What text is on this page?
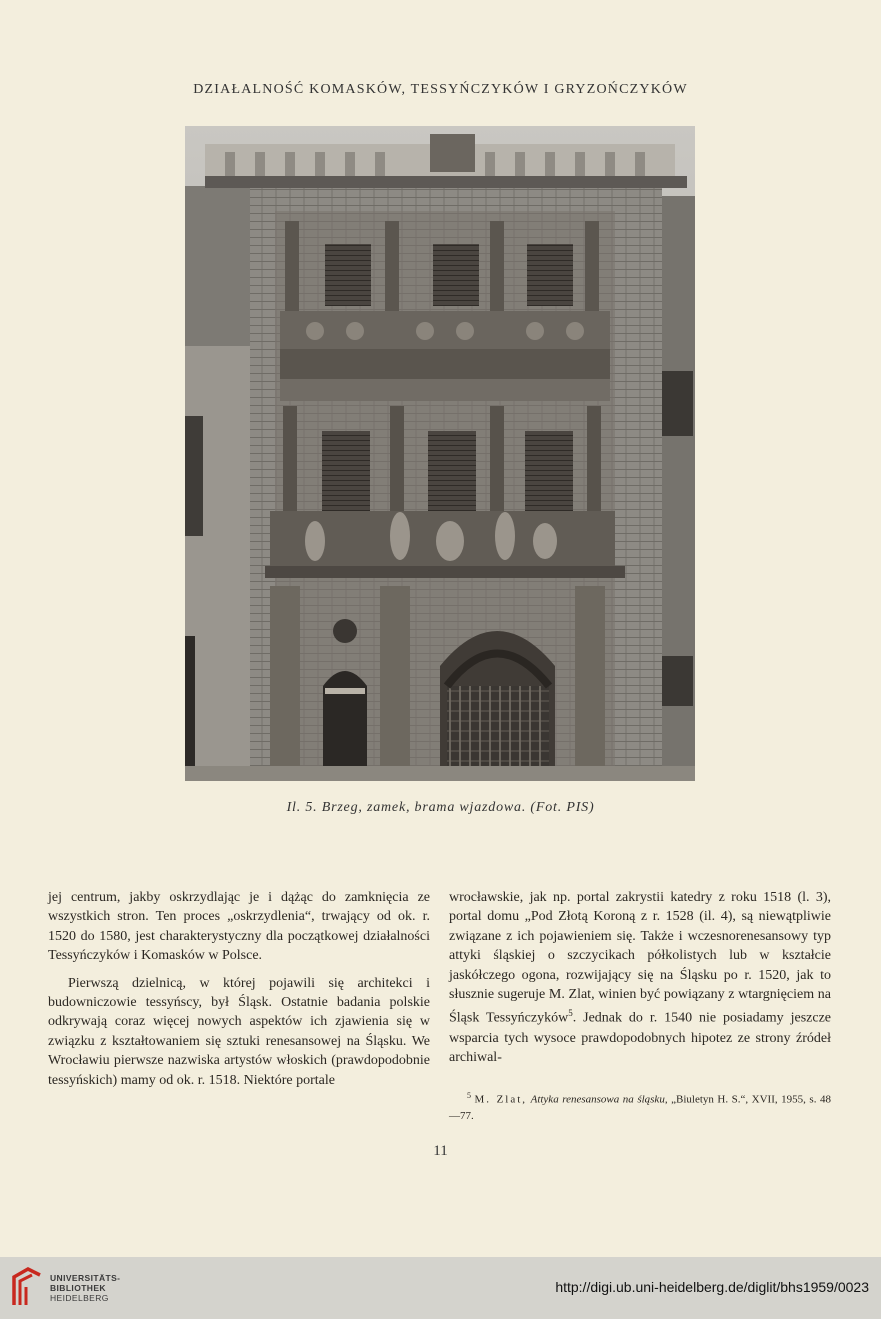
DZIAŁALNOŚĆ KOMASKÓW, TESSYŃCZYKÓW I GRYZOŃCZYKÓW
Il. 5. Brzeg, zamek, brama wjazdowa. (Fot. PIS)

jej centrum, jakby oskrzydlając je i dążąc do zamknięcia ze wszystkich stron. Ten proces „oskrzydlenia“, trwający od ok. r. 1520 do 1580, jest charakterystyczny dla początkowej działalności Tessyńczyków i Komasków w Polsce.

Pierwszą dzielnicą, w której pojawili się architekci i budowniczowie tessyńscy, był Śląsk. Ostatnie badania polskie odkrywają coraz więcej nowych aspektów ich zjawienia się w związku z kształtowaniem się sztuki renesansowej na Śląsku. We Wrocławiu pierwsze nazwiska artystów włoskich (prawdopodobnie tessyńskich) mamy od ok. r. 1518. Niektóre portale

wrocławskie, jak np. portal zakrystii katedry z roku 1518 (l. 3), portal domu „Pod Złotą Koroną z r. 1528 (il. 4), są niewątpliwie związane z ich pojawieniem się. Także i wczesnorenesansowy typ attyki śląskiej o szczycikach półkolistych lub w kształcie jaskółczego ogona, rozwijający się na Śląsku po r. 1520, jak to słusznie sugeruje M. Zlat, winien być powiązany z wtargnięciem na Śląsk Tessyńczyków$^5$. Jednak do r. 1540 nie posiadamy jeszcze wsparcia tych wysoce prawdopodobnych hipotez ze strony źródeł archiwal-

$^5$ M. Zlat, Attyka renesansowa na śląsku, „Biuletyn H. S.“, XVII, 1955, s. 48—77.
11
UNIVERSITÄTS-
BIBLIOTHEK
HEIDELBERG
http://digi.ub.uni-heidelberg.de/diglit/bhs1959/0023
